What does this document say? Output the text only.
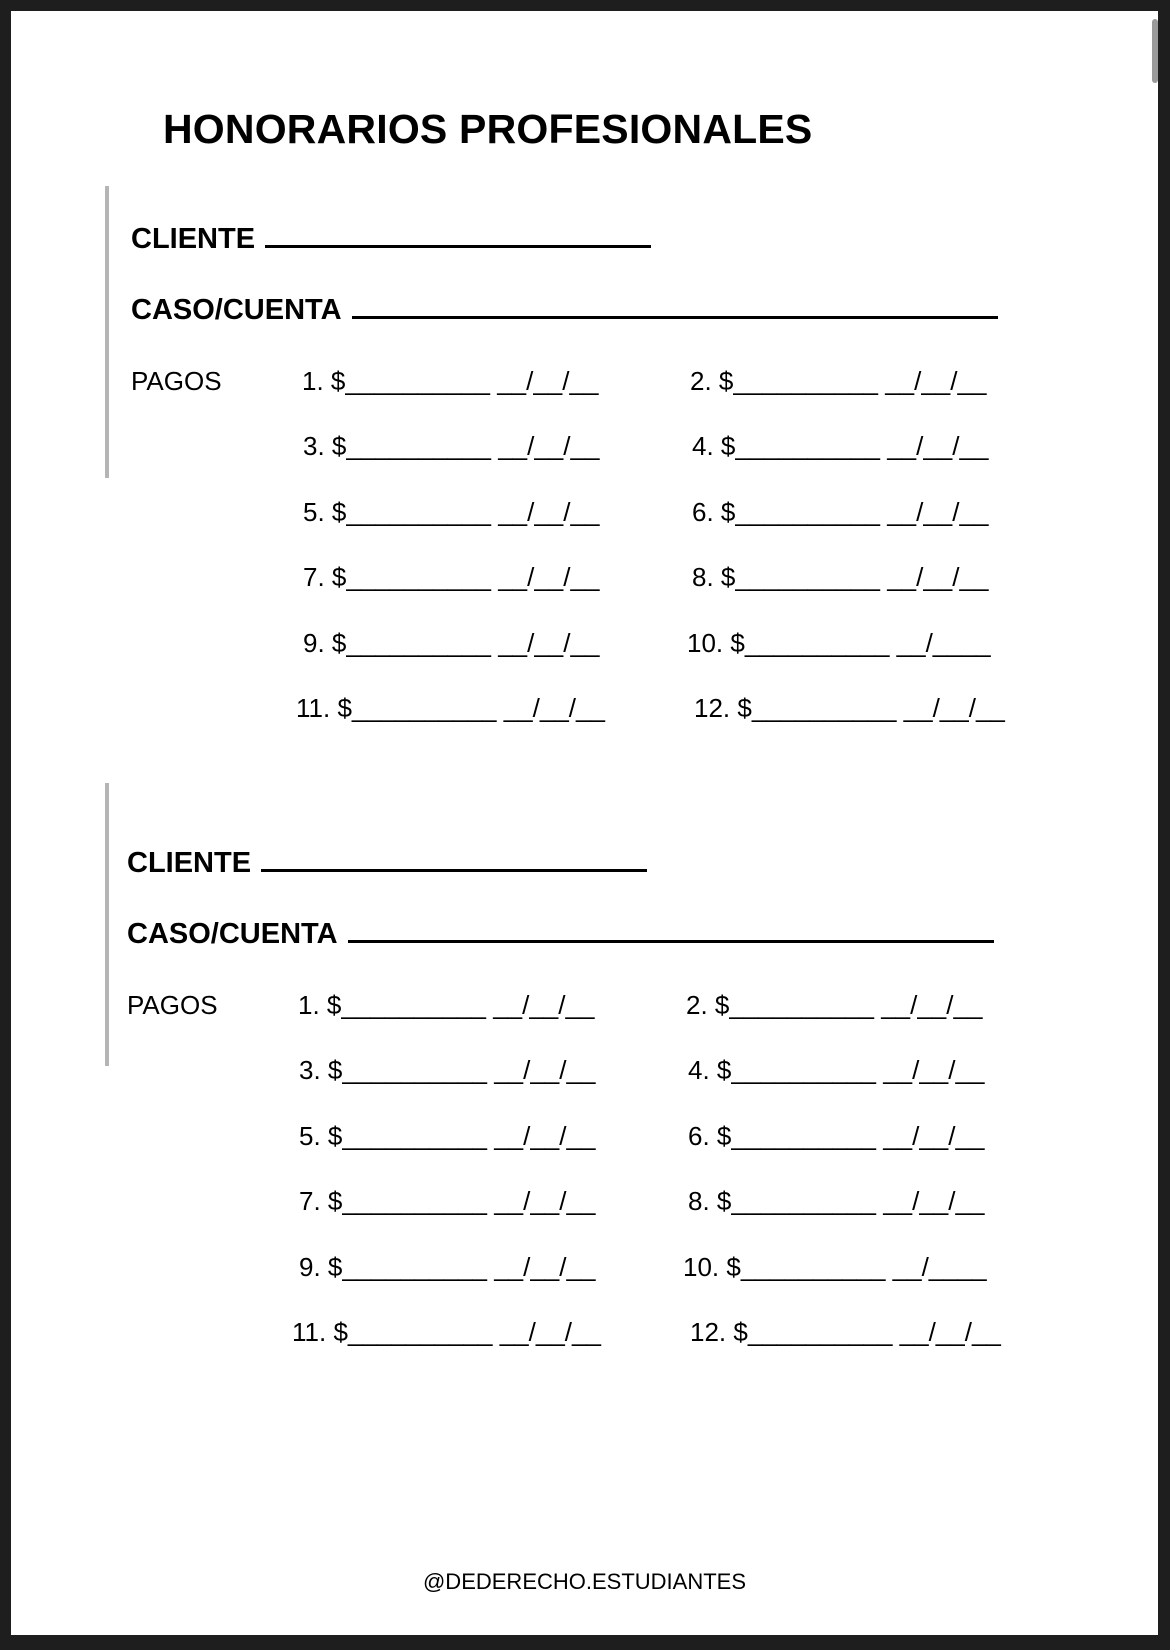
HONORARIOS PROFESIONALES
CLIENTE
CASO/CUENTA
PAGOS	1. $__________ __/__/__	2. $__________ __/__/__
3. $__________ __/__/__	4. $__________ __/__/__
5. $__________ __/__/__	6. $__________ __/__/__
7. $__________ __/__/__	8. $__________ __/__/__
9. $__________ __/__/__	10. $__________ __/____
11. $__________ __/__/__	12. $__________ __/__/__
CLIENTE
CASO/CUENTA
PAGOS	1. $__________ __/__/__	2. $__________ __/__/__
3. $__________ __/__/__	4. $__________ __/__/__
5. $__________ __/__/__	6. $__________ __/__/__
7. $__________ __/__/__	8. $__________ __/__/__
9. $__________ __/__/__	10. $__________ __/____
11. $__________ __/__/__	12. $__________ __/__/__
@DEDERECHO.ESTUDIANTES
